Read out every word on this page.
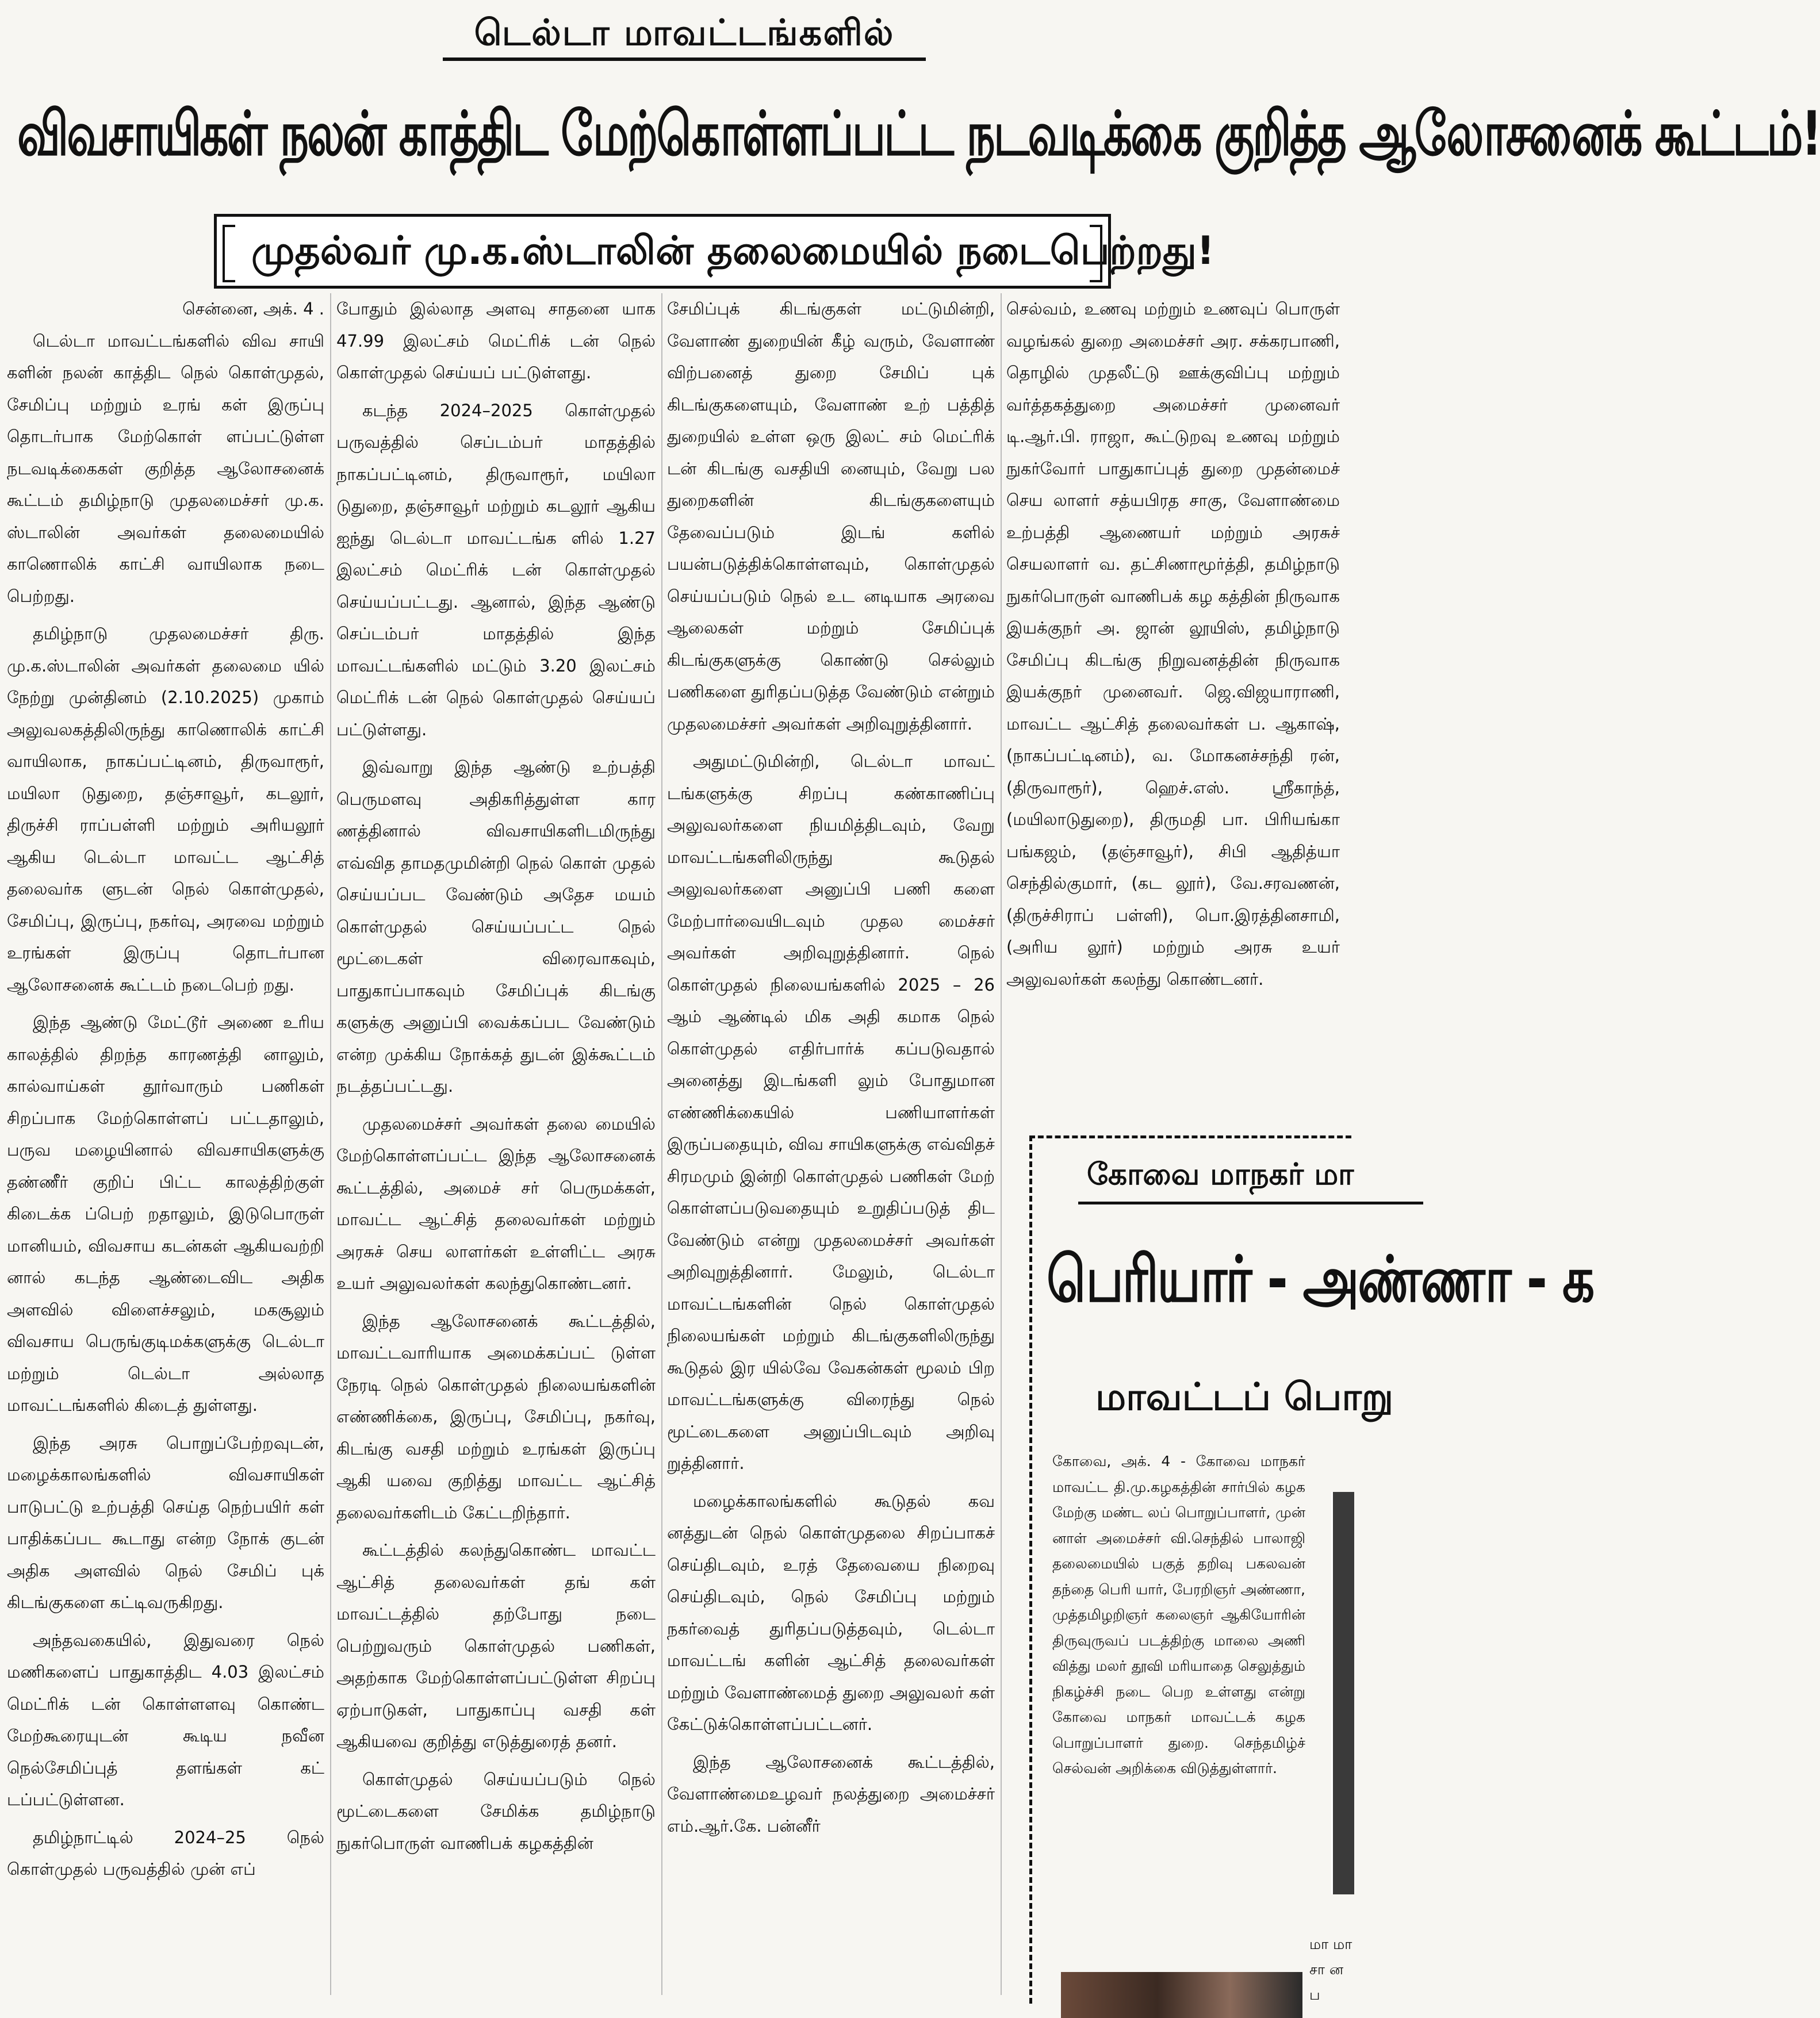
டெல்டா மாவட்டங்களில்
விவசாயிகள் நலன் காத்திட மேற்கொள்ளப்பட்ட நடவடிக்கை குறித்த ஆலோசனைக் கூட்டம்!
முதல்வர் மு.க.ஸ்டாலின் தலைமையில் நடைபெற்றது!
சென்னை, அக். 4 .

டெல்டா மாவட்டங்களில் விவ சாயி களின் நலன் காத்திட நெல் கொள்முதல், சேமிப்பு மற்றும் உரங் கள் இருப்பு தொடர்பாக மேற்கொள் ளப்பட்டுள்ள நடவடிக்கைகள் குறித்த ஆலோசனைக் கூட்டம் தமிழ்நாடு முதலமைச்சர் மு.க. ஸ்டாலின் அவர்கள் தலைமையில் காணொலிக் காட்சி வாயிலாக நடை பெற்றது.

தமிழ்நாடு முதலமைச்சர் திரு. மு.க.ஸ்டாலின் அவர்கள் தலைமை யில் நேற்று முன்தினம் (2.10.2025) முகாம் அலுவலகத்திலிருந்து காணொலிக் காட்சி வாயிலாக, நாகப்பட்டினம், திருவாரூர், மயிலா டுதுறை, தஞ்சாவூர், கடலூர், திருச்சி ராப்பள்ளி மற்றும் அரியலூர் ஆகிய டெல்டா மாவட்ட ஆட்சித் தலைவர்க ளுடன் நெல் கொள்முதல், சேமிப்பு, இருப்பு, நகர்வு, அரவை மற்றும் உரங்கள் இருப்பு தொடர்பான ஆலோசனைக் கூட்டம் நடைபெற் றது.

இந்த ஆண்டு மேட்டூர் அணை உரிய காலத்தில் திறந்த காரணத்தி னாலும், கால்வாய்கள் தூர்வாரும் பணிகள் சிறப்பாக மேற்கொள்ளப் பட்டதாலும், பருவ மழையினால் விவசாயிகளுக்கு தண்ணீர் குறிப் பிட்ட காலத்திற்குள் கிடைக்க ப்பெற் றதாலும், இடுபொருள் மானியம், விவசாய கடன்கள் ஆகியவற்றி னால் கடந்த ஆண்டைவிட அதிக அளவில் விளைச்சலும், மகசூலும் விவசாய பெருங்குடிமக்களுக்கு டெல்டா மற்றும் டெல்டா அல்லாத மாவட்டங்களில் கிடைத் துள்ளது.

இந்த அரசு பொறுப்பேற்றவுடன், மழைக்காலங்களில் விவசாயிகள் பாடுபட்டு உற்பத்தி செய்த நெற்பயிர் கள் பாதிக்கப்பட கூடாது என்ற நோக் குடன் அதிக அளவில் நெல் சேமிப் புக் கிடங்குகளை கட்டிவருகிறது.

அந்தவகையில், இதுவரை நெல் மணிகளைப் பாதுகாத்திட 4.03 இலட்சம் மெட்ரிக் டன் கொள்ளளவு கொண்ட மேற்கூரையுடன் கூடிய நவீன நெல்சேமிப்புத் தளங்கள் கட் டப்பட்டுள்ளன.

தமிழ்நாட்டில் 2024–25 நெல் கொள்முதல் பருவத்தில் முன் எப்

போதும் இல்லாத அளவு சாதனை யாக 47.99 இலட்சம் மெட்ரிக் டன் நெல் கொள்முதல் செய்யப் பட்டுள்ளது.

கடந்த 2024–2025 கொள்முதல் பருவத்தில் செப்டம்பர் மாதத்தில் நாகப்பட்டினம், திருவாரூர், மயிலா டுதுறை, தஞ்சாவூர் மற்றும் கடலூர் ஆகிய ஐந்து டெல்டா மாவட்டங்க ளில் 1.27 இலட்சம் மெட்ரிக் டன் கொள்முதல் செய்யப்பட்டது. ஆனால், இந்த ஆண்டு செப்டம்பர் மாதத்தில் இந்த மாவட்டங்களில் மட்டும் 3.20 இலட்சம் மெட்ரிக் டன் நெல் கொள்முதல் செய்யப் பட்டுள்ளது.

இவ்வாறு இந்த ஆண்டு உற்பத்தி பெருமளவு அதிகரித்துள்ள கார ணத்தினால் விவசாயிகளிடமிருந்து எவ்வித தாமதமுமின்றி நெல் கொள் முதல் செய்யப்பட வேண்டும் அதேச மயம் கொள்முதல் செய்யப்பட்ட நெல் மூட்டைகள் விரைவாகவும், பாதுகாப்பாகவும் சேமிப்புக் கிடங்கு களுக்கு அனுப்பி வைக்கப்பட வேண்டும் என்ற முக்கிய நோக்கத் துடன் இக்கூட்டம் நடத்தப்பட்டது.

முதலமைச்சர் அவர்கள் தலை மையில் மேற்கொள்ளப்பட்ட இந்த ஆலோசனைக் கூட்டத்தில், அமைச் சர் பெருமக்கள், மாவட்ட ஆட்சித் தலைவர்கள் மற்றும் அரசுச் செய லாளர்கள் உள்ளிட்ட அரசு உயர் அலுவலர்கள் கலந்துகொண்டனர்.

இந்த ஆலோசனைக் கூட்டத்தில், மாவட்டவாரியாக அமைக்கப்பட் டுள்ள நேரடி நெல் கொள்முதல் நிலையங்களின் எண்ணிக்கை, இருப்பு, சேமிப்பு, நகர்வு, கிடங்கு வசதி மற்றும் உரங்கள் இருப்பு ஆகி யவை குறித்து மாவட்ட ஆட்சித் தலைவர்களிடம் கேட்டறிந்தார்.

கூட்டத்தில் கலந்துகொண்ட மாவட்ட ஆட்சித் தலைவர்கள் தங் கள் மாவட்டத்தில் தற்போது நடை பெற்றுவரும் கொள்முதல் பணிகள், அதற்காக மேற்கொள்ளப்பட்டுள்ள சிறப்பு ஏற்பாடுகள், பாதுகாப்பு வசதி கள் ஆகியவை குறித்து எடுத்துரைத் தனர்.

கொள்முதல் செய்யப்படும் நெல் மூட்டைகளை சேமிக்க தமிழ்நாடு நுகர்பொருள் வாணிபக் கழகத்தின்

சேமிப்புக் கிடங்குகள் மட்டுமின்றி, வேளாண் துறையின் கீழ் வரும், வேளாண் விற்பனைத் துறை சேமிப் புக் கிடங்குகளையும், வேளாண் உற் பத்தித் துறையில் உள்ள ஒரு இலட் சம் மெட்ரிக் டன் கிடங்கு வசதியி னையும், வேறு பல துறைகளின் கிடங்குகளையும் தேவைப்படும் இடங் களில் பயன்படுத்திக்கொள்ளவும், கொள்முதல் செய்யப்படும் நெல் உட னடியாக அரவை ஆலைகள் மற்றும் சேமிப்புக் கிடங்குகளுக்கு கொண்டு செல்லும் பணிகளை துரிதப்படுத்த வேண்டும் என்றும் முதலமைச்சர் அவர்கள் அறிவுறுத்தினார்.

அதுமட்டுமின்றி, டெல்டா மாவட் டங்களுக்கு சிறப்பு கண்காணிப்பு அலுவலர்களை நியமித்திடவும், வேறு மாவட்டங்களிலிருந்து கூடுதல் அலுவலர்களை அனுப்பி பணி களை மேற்பார்வையிடவும் முதல மைச்சர் அவர்கள் அறிவுறுத்தினார். நெல் கொள்முதல் நிலையங்களில் 2025 – 26 ஆம் ஆண்டில் மிக அதி கமாக நெல் கொள்முதல் எதிர்பார்க் கப்படுவதால் அனைத்து இடங்களி லும் போதுமான எண்ணிக்கையில் பணியாளர்கள் இருப்பதையும், விவ சாயிகளுக்கு எவ்விதச் சிரமமும் இன்றி கொள்முதல் பணிகள் மேற் கொள்ளப்படுவதையும் உறுதிப்படுத் திட வேண்டும் என்று முதலமைச்சர் அவர்கள் அறிவுறுத்தினார். மேலும், டெல்டா மாவட்டங்களின் நெல் கொள்முதல் நிலையங்கள் மற்றும் கிடங்குகளிலிருந்து கூடுதல் இர யில்வே வேகன்கள் மூலம் பிற மாவட்டங்களுக்கு விரைந்து நெல் மூட்டைகளை அனுப்பிடவும் அறிவு றுத்தினார்.

மழைக்காலங்களில் கூடுதல் கவ னத்துடன் நெல் கொள்முதலை சிறப்பாகச் செய்திடவும், உரத் தேவையை நிறைவு செய்திடவும், நெல் சேமிப்பு மற்றும் நகர்வைத் துரிதப்படுத்தவும், டெல்டா மாவட்டங் களின் ஆட்சித் தலைவர்கள் மற்றும் வேளாண்மைத் துறை அலுவலர் கள் கேட்டுக்கொள்ளப்பட்டனர்.

இந்த ஆலோசனைக் கூட்டத்தில், வேளாண்மைஉழவர் நலத்துறை அமைச்சர் எம்.ஆர்.கே. பன்னீர்

செல்வம், உணவு மற்றும் உணவுப் பொருள் வழங்கல் துறை அமைச்சர் அர. சக்கரபாணி, தொழில் முதலீட்டு ஊக்குவிப்பு மற்றும் வர்த்தகத்துறை அமைச்சர் முனைவர் டி.ஆர்.பி. ராஜா, கூட்டுறவு உணவு மற்றும் நுகர்வோர் பாதுகாப்புத் துறை முதன்மைச் செய லாளர் சத்யபிரத சாகு, வேளாண்மை உற்பத்தி ஆணையர் மற்றும் அரசுச் செயலாளர் வ. தட்சிணாமூர்த்தி, தமிழ்நாடு நுகர்பொருள் வாணிபக் கழ கத்தின் நிருவாக இயக்குநர் அ. ஜான் லூயிஸ், தமிழ்நாடு சேமிப்பு கிடங்கு நிறுவனத்தின் நிருவாக இயக்குநர் முனைவர். ஜெ.விஜயாராணி, மாவட்ட ஆட்சித் தலைவர்கள் ப. ஆகாஷ், (நாகப்பட்டினம்), வ. மோகனச்சந்தி ரன், (திருவாரூர்), ஹெச்.எஸ். ஸ்ரீகாந்த், (மயிலாடுதுறை), திருமதி பா. பிரியங்கா பங்கஜம், (தஞ்சாவூர்), சிபி ஆதித்யா செந்தில்குமார், (கட லூர்), வே.சரவணன், (திருச்சிராப் பள்ளி), பொ.இரத்தினசாமி, (அரிய லூர்) மற்றும் அரசு உயர் அலுவலர்கள் கலந்து கொண்டனர்.

கோவை மாநகர் மா
பெரியார் - அண்ணா - க
மாவட்டப் பொறு
கோவை, அக். 4 - கோவை மாநகர் மாவட்ட தி.மு.கழகத்தின் சார்பில் கழக மேற்கு மண்ட லப் பொறுப்பாளர், முன் னாள் அமைச்சர் வி.செந்தில் பாலாஜி தலைமையில் பகுத் தறிவு பகலவன் தந்தை பெரி யார், பேரறிஞர் அண்ணா, முத்தமிழறிஞர் கலைஞர் ஆகியோரின் திருவுருவப் படத்திற்கு மாலை அணி வித்து மலர் தூவி மரியாதை செலுத்தும் நிகழ்ச்சி நடை பெற உள்ளது என்று கோவை மாநகர் மாவட்டக் கழக பொறுப்பாளர் துறை. செந்தமிழ்ச் செல்வன் அறிக்கை விடுத்துள்ளார்.
மா மா சா ன ப
